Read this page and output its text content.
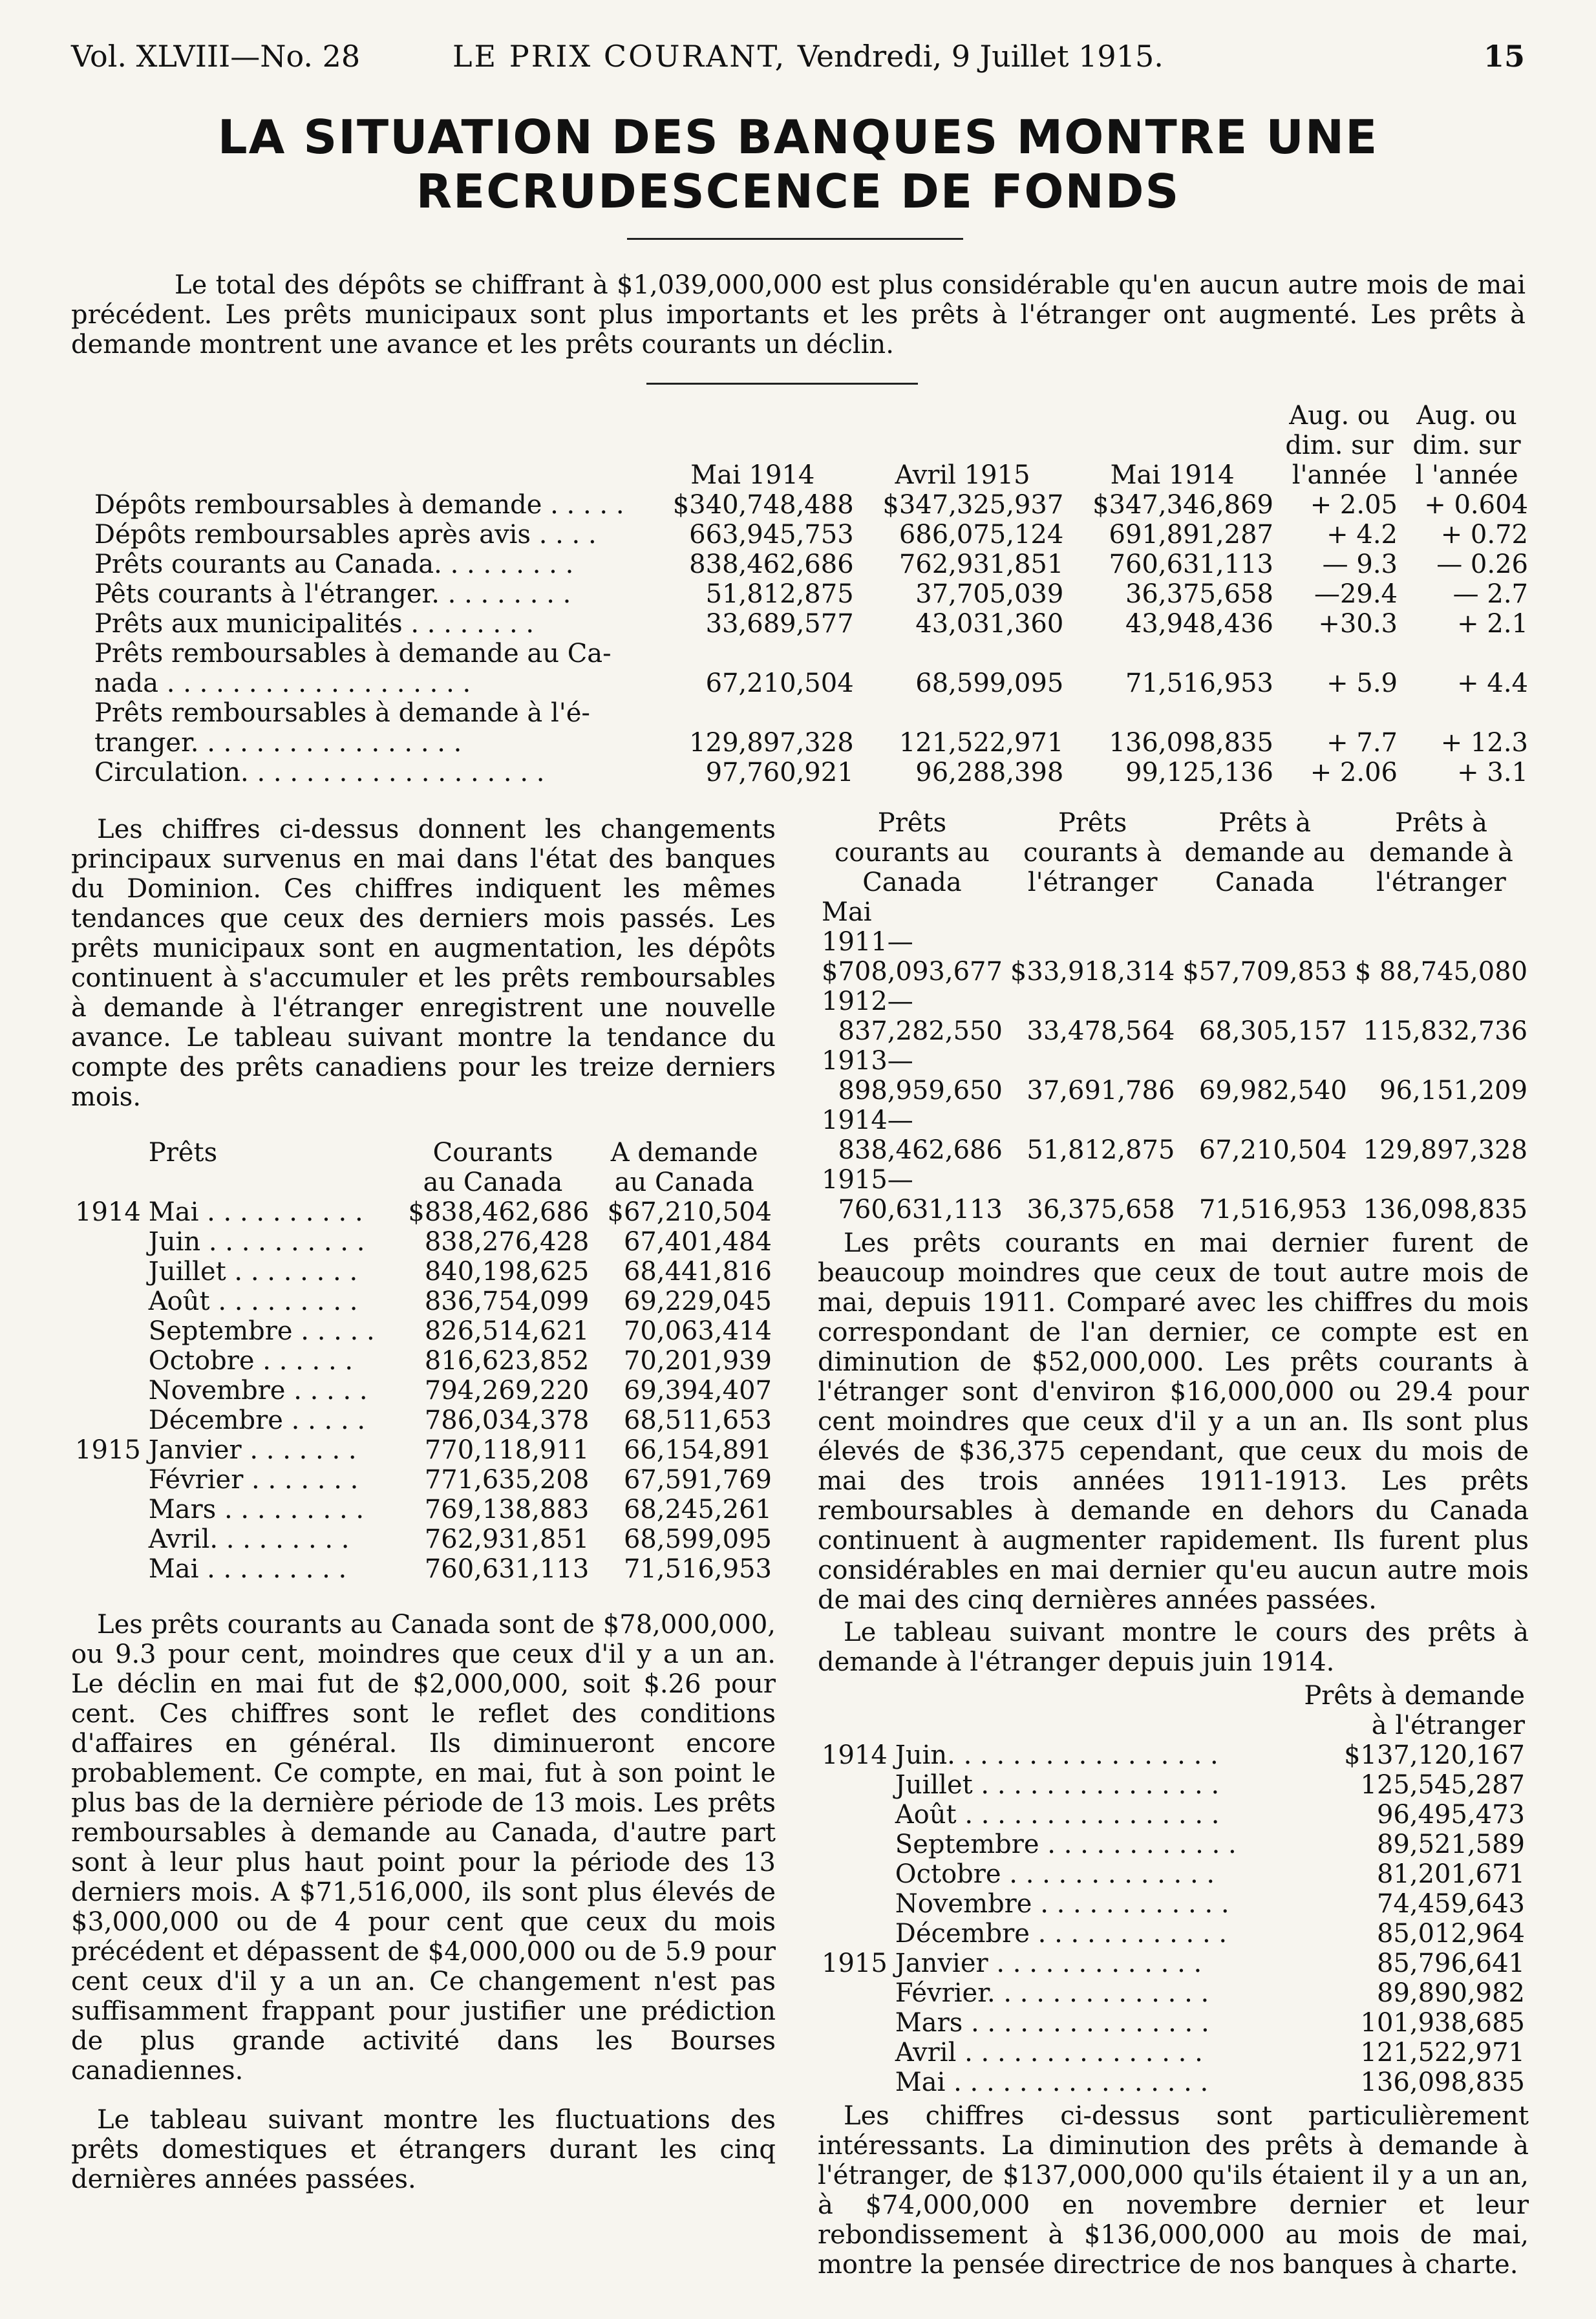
Vol. XLVIII—No. 28	LE PRIX COURANT, Vendredi, 9 Juillet 1915.	15
LA SITUATION DES BANQUES MONTRE UNE
RECRUDESCENCE DE FONDS
Le total des dépôts se chiffrant à $1,039,000,000 est plus considérable qu'en aucun autre mois de mai précédent. Les prêts municipaux sont plus importants et les prêts à l'étranger ont augmenté. Les prêts à demande montrent une avance et les prêts courants un déclin.
	Mai 1914	Avril 1915	Mai 1914	Aug. ou dim. sur l'année	Aug. ou dim. sur l 'année
Dépôts remboursables à demande . . . . .	$340,748,488	$347,325,937	$347,346,869	+ 2.05	+ 0.604
Dépôts remboursables après avis . . . .	663,945,753	686,075,124	691,891,287	+ 4.2	+ 0.72
Prêts courants au Canada. . . . . . . . .	838,462,686	762,931,851	760,631,113	— 9.3	— 0.26
Pêts courants à l'étranger. . . . . . . . .	51,812,875	37,705,039	36,375,658	—29.4	— 2.7
Prêts aux municipalités . . . . . . . .	33,689,577	43,031,360	43,948,436	+30.3	+ 2.1
Prêts remboursables à demande au Ca-					
nada . . . . . . . . . . . . . . . . . . .	67,210,504	68,599,095	71,516,953	+ 5.9	+ 4.4
Prêts remboursables à demande à l'é-					
tranger. . . . . . . . . . . . . . . . .	129,897,328	121,522,971	136,098,835	+ 7.7	+ 12.3
Circulation. . . . . . . . . . . . . . . . . . .	97,760,921	96,288,398	99,125,136	+ 2.06	+ 3.1
Les chiffres ci-dessus donnent les changements principaux survenus en mai dans l'état des banques du Dominion. Ces chiffres indiquent les mêmes tendances que ceux des derniers mois passés. Les prêts municipaux sont en augmentation, les dépôts continuent à s'accumuler et les prêts remboursables à demande à l'étranger enregistrent une nouvelle avance. Le tableau suivant montre la tendance du compte des prêts canadiens pour les treize derniers mois.
	Prêts	Courants	A demande
		au Canada	au Canada
1914	Mai . . . . . . . . . .	$838,462,686	$67,210,504
	Juin . . . . . . . . . .	838,276,428	67,401,484
	Juillet . . . . . . . .	840,198,625	68,441,816
	Août . . . . . . . . .	836,754,099	69,229,045
	Septembre . . . . .	826,514,621	70,063,414
	Octobre . . . . . .	816,623,852	70,201,939
	Novembre . . . . .	794,269,220	69,394,407
	Décembre . . . . .	786,034,378	68,511,653
1915	Janvier . . . . . . .	770,118,911	66,154,891
	Février . . . . . . .	771,635,208	67,591,769
	Mars . . . . . . . . .	769,138,883	68,245,261
	Avril. . . . . . . . .	762,931,851	68,599,095
	Mai . . . . . . . . .	760,631,113	71,516,953
Les prêts courants au Canada sont de $78,000,000, ou 9.3 pour cent, moindres que ceux d'il y a un an. Le déclin en mai fut de $2,000,000, soit $.26 pour cent. Ces chiffres sont le reflet des conditions d'affaires en général. Ils diminueront encore probablement. Ce compte, en mai, fut à son point le plus bas de la dernière période de 13 mois. Les prêts remboursables à demande au Canada, d'autre part sont à leur plus haut point pour la période des 13 derniers mois. A $71,516,000, ils sont plus élevés de $3,000,000 ou de 4 pour cent que ceux du mois précédent et dépassent de $4,000,000 ou de 5.9 pour cent ceux d'il y a un an. Ce changement n'est pas suffisamment frappant pour justifier une prédiction de plus grande activité dans les Bourses canadiennes.
Le tableau suivant montre les fluctuations des prêts domestiques et étrangers durant les cinq dernières années passées.
Prêts courants au Canada	Prêts courants à l'étranger	Prêts à demande au Canada	Prêts à demande à l'étranger
Mai			
1911—			
$708,093,677	$33,918,314	$57,709,853	$ 88,745,080
1912—			
837,282,550	33,478,564	68,305,157	115,832,736
1913—			
898,959,650	37,691,786	69,982,540	96,151,209
1914—			
838,462,686	51,812,875	67,210,504	129,897,328
1915—			
760,631,113	36,375,658	71,516,953	136,098,835
Les prêts courants en mai dernier furent de beaucoup moindres que ceux de tout autre mois de mai, depuis 1911. Comparé avec les chiffres du mois correspondant de l'an dernier, ce compte est en diminution de $52,000,000. Les prêts courants à l'étranger sont d'environ $16,000,000 ou 29.4 pour cent moindres que ceux d'il y a un an. Ils sont plus élevés de $36,375 cependant, que ceux du mois de mai des trois années 1911-1913. Les prêts remboursables à demande en dehors du Canada continuent à augmenter rapidement. Ils furent plus considérables en mai dernier qu'eu aucun autre mois de mai des cinq dernières années passées.
Le tableau suivant montre le cours des prêts à demande à l'étranger depuis juin 1914.
		Prêts à demande
		à l'étranger
1914	Juin. . . . . . . . . . . . . . . . .	$137,120,167
	Juillet . . . . . . . . . . . . . . .	125,545,287
	Août . . . . . . . . . . . . . . . .	96,495,473
	Septembre . . . . . . . . . . . .	89,521,589
	Octobre . . . . . . . . . . . . .	81,201,671
	Novembre . . . . . . . . . . . .	74,459,643
	Décembre . . . . . . . . . . . .	85,012,964
1915	Janvier . . . . . . . . . . . . .	85,796,641
	Février. . . . . . . . . . . . . .	89,890,982
	Mars . . . . . . . . . . . . . . .	101,938,685
	Avril . . . . . . . . . . . . . . .	121,522,971
	Mai . . . . . . . . . . . . . . . .	136,098,835
Les chiffres ci-dessus sont particulièrement intéressants. La diminution des prêts à demande à l'étranger, de $137,000,000 qu'ils étaient il y a un an, à $74,000,000 en novembre dernier et leur rebondissement à $136,000,000 au mois de mai, montre la pensée directrice de nos banques à charte.
